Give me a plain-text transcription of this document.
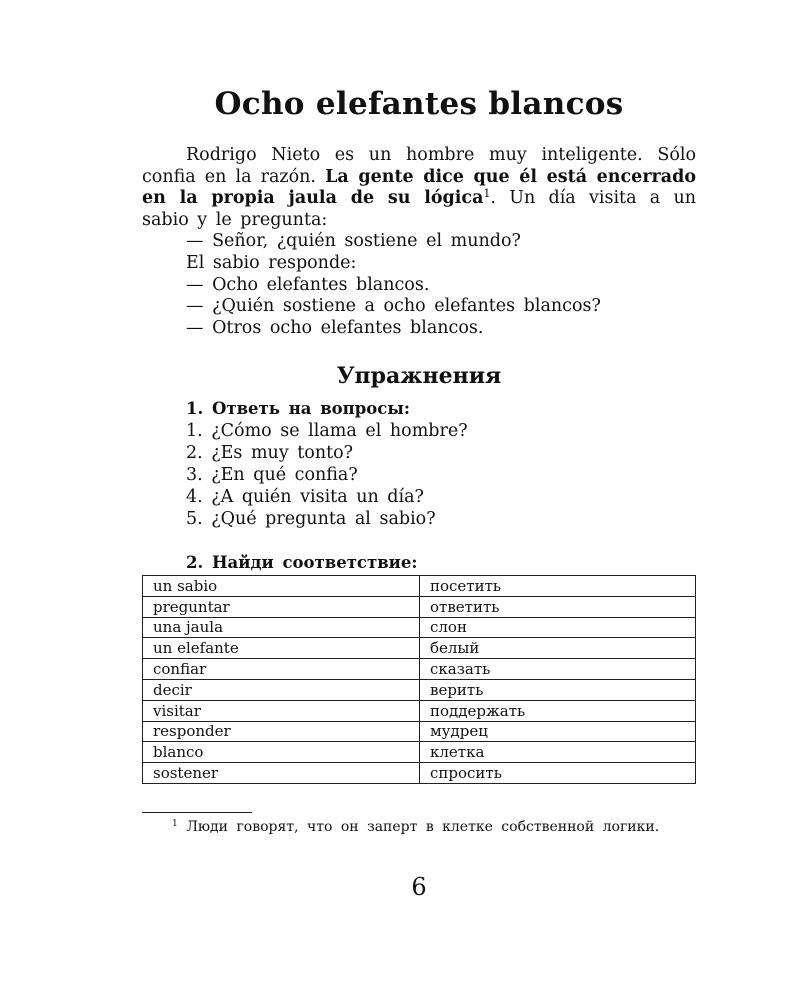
Ocho elefantes blancos

Rodrigo Nieto es un hombre muy inteligente. Sólo confia en la razón. La gente dice que él está encerrado en la propia jaula de su lógica$^1$. Un día visita a un sabio y le pregunta:

— Señor, ¿quién sostiene el mundo?

El sabio responde:

— Ocho elefantes blancos.

— ¿Quién sostiene a ocho elefantes blancos?

— Otros ocho elefantes blancos.

Упражнения
1. Ответь на вопросы:
1. ¿Cómo se llama el hombre?
2. ¿Es muy tonto?
3. ¿En qué confia?
4. ¿A quién visita un día?
5. ¿Qué pregunta al sabio?
2. Найди соответствие:
un sabio	посетить
preguntar	ответить
una jaula	слон
un elefante	белый
confiar	сказать
decir	верить
visitar	поддержать
responder	мудрец
blanco	клетка
sostener	спросить

$^1$ Люди говорят, что он заперт в клетке собственной логики.

6
